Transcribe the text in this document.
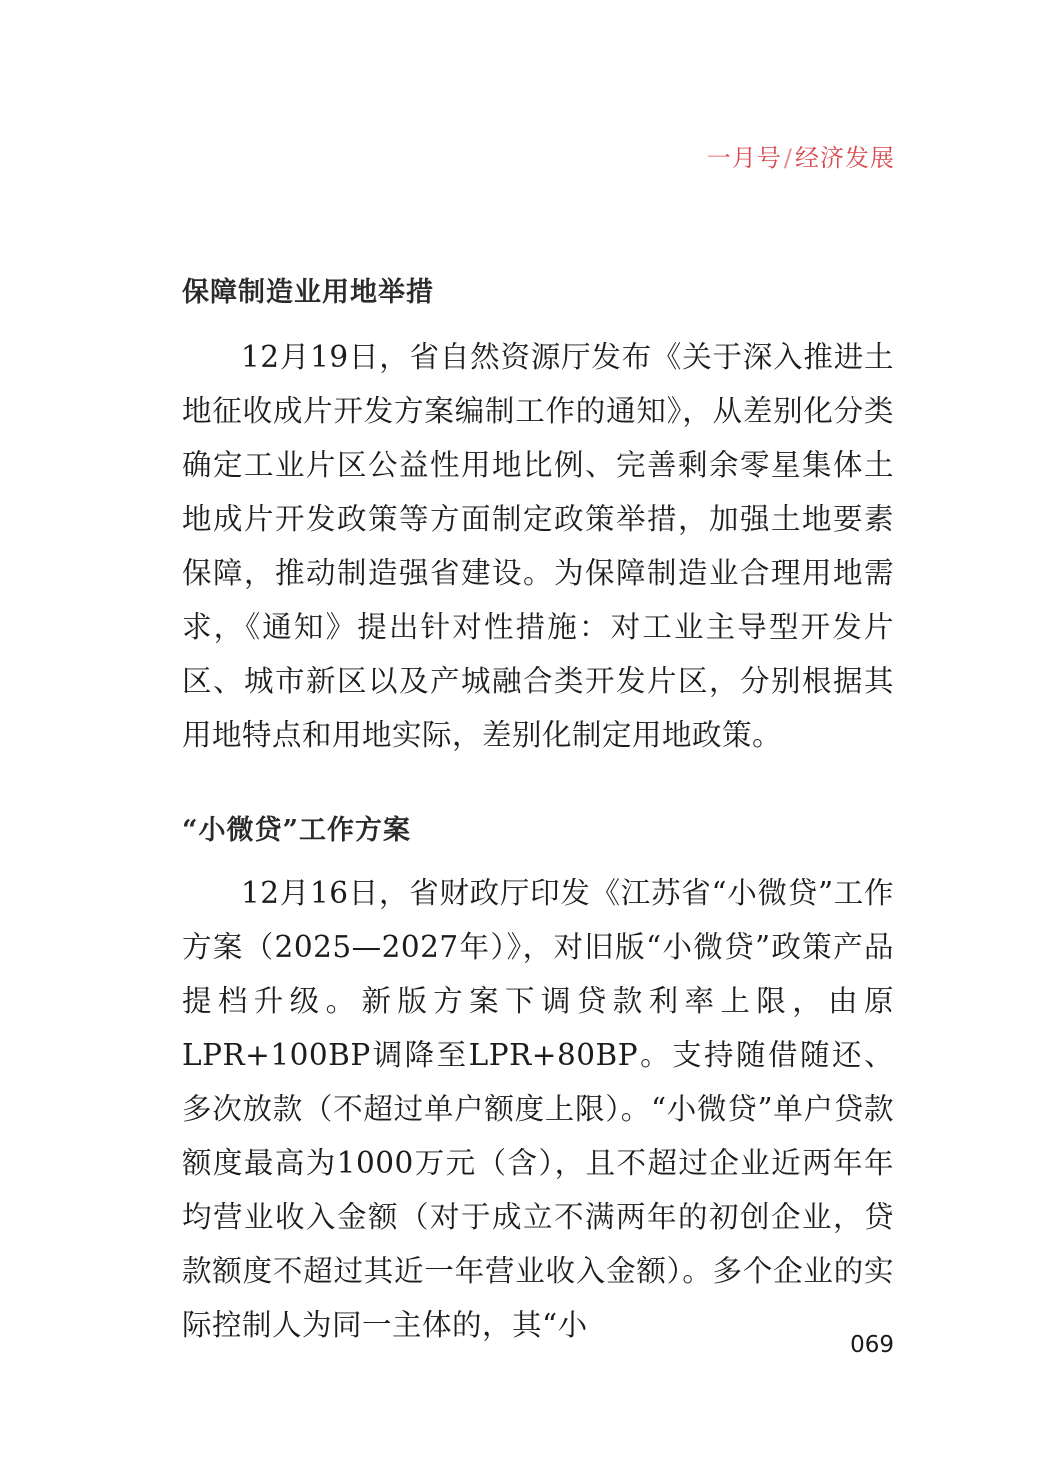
一月号/经济发展
保障制造业用地举措
12月19日，省自然资源厅发布《关于深入推进土地征收成片开发方案编制工作的通知》，从差别化分类确定工业片区公益性用地比例、完善剩余零星集体土地成片开发政策等方面制定政策举措，加强土地要素保障，推动制造强省建设。为保障制造业合理用地需求，《通知》提出针对性措施：对工业主导型开发片区、城市新区以及产城融合类开发片区，分别根据其用地特点和用地实际，差别化制定用地政策。
“小微贷”工作方案
12月16日，省财政厅印发《江苏省“小微贷”工作方案（2025—2027年）》，对旧版“小微贷”政策产品提档升级。新版方案下调贷款利率上限，由原LPR+100BP调降至LPR+80BP。支持随借随还、多次放款（不超过单户额度上限）。“小微贷”单户贷款额度最高为1000万元（含），且不超过企业近两年年均营业收入金额（对于成立不满两年的初创企业，贷款额度不超过其近一年营业收入金额）。多个企业的实际控制人为同一主体的，其“小
069
